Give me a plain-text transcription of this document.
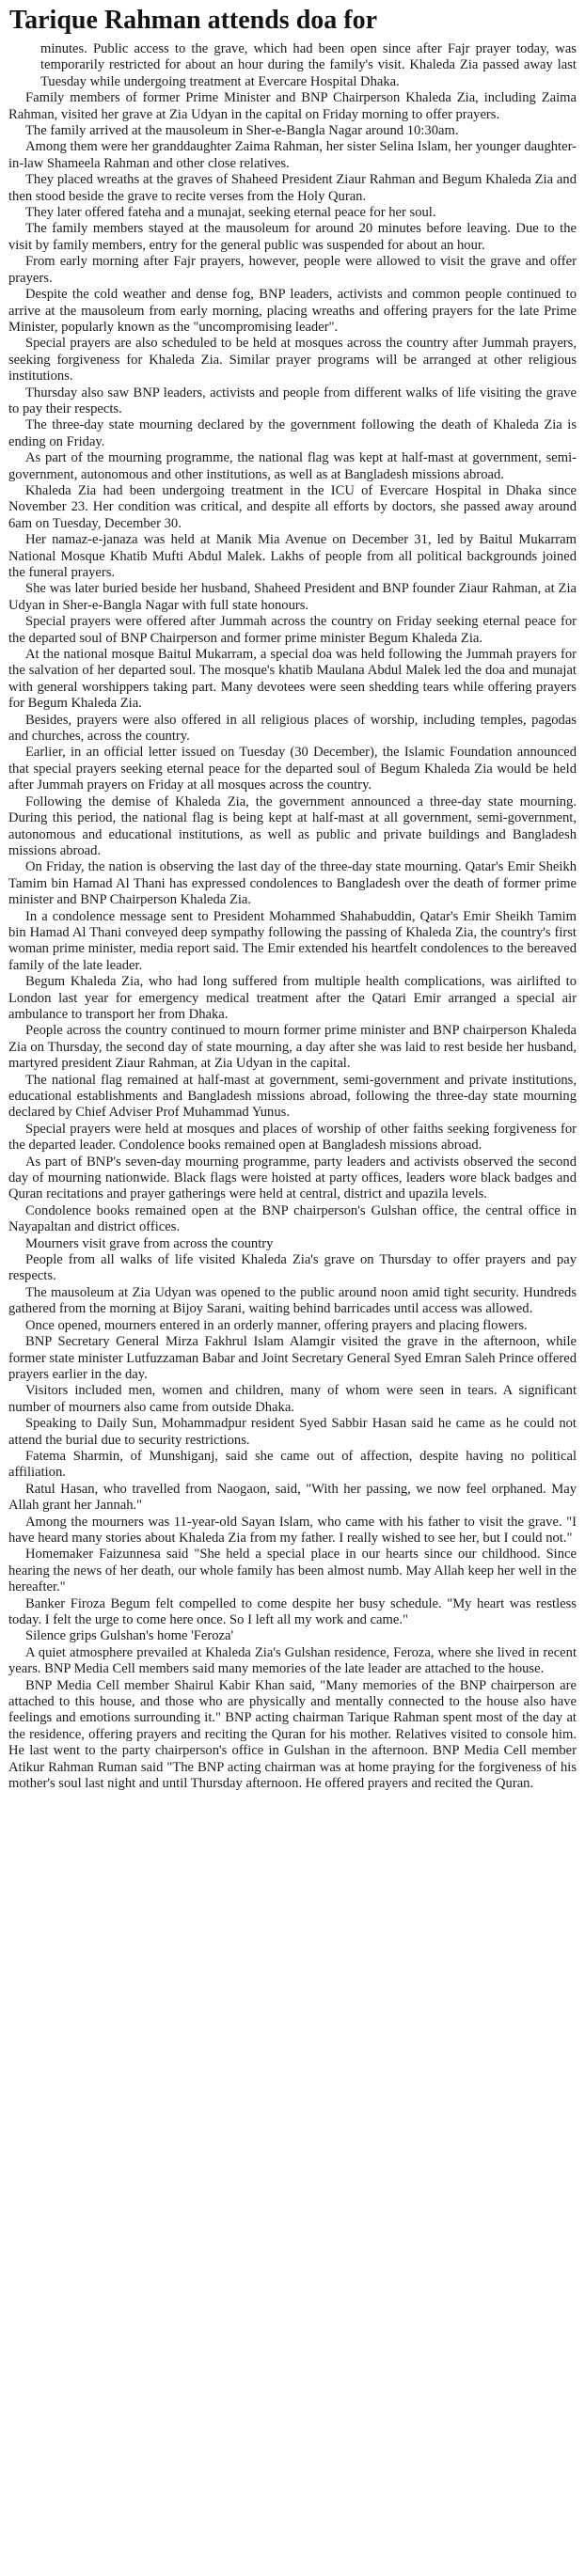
Tarique Rahman attends doa for

minutes. Public access to the grave, which had been open since after Fajr prayer today, was temporarily restricted for about an hour during the family's visit. Khaleda Zia passed away last Tuesday while undergoing treatment at Evercare Hospital Dhaka.

Family members of former Prime Minister and BNP Chairperson Khaleda Zia, including Zaima Rahman, visited her grave at Zia Udyan in the capital on Friday morning to offer prayers.

The family arrived at the mausoleum in Sher-e-Bangla Nagar around 10:30am.

Among them were her granddaughter Zaima Rahman, her sister Selina Islam, her younger daughter-in-law Shameela Rahman and other close relatives.

They placed wreaths at the graves of Shaheed President Ziaur Rahman and Begum Khaleda Zia and then stood beside the grave to recite verses from the Holy Quran.

They later offered fateha and a munajat, seeking eternal peace for her soul.

The family members stayed at the mausoleum for around 20 minutes before leaving. Due to the visit by family members, entry for the general public was suspended for about an hour.

From early morning after Fajr prayers, however, people were allowed to visit the grave and offer prayers.

Despite the cold weather and dense fog, BNP leaders, activists and common people continued to arrive at the mausoleum from early morning, placing wreaths and offering prayers for the late Prime Minister, popularly known as the "uncompromising leader".

Special prayers are also scheduled to be held at mosques across the country after Jummah prayers, seeking forgiveness for Khaleda Zia. Similar prayer programs will be arranged at other religious institutions.

Thursday also saw BNP leaders, activists and people from different walks of life visiting the grave to pay their respects.

The three-day state mourning declared by the government following the death of Khaleda Zia is ending on Friday.

As part of the mourning programme, the national flag was kept at half-mast at government, semi-government, autonomous and other institutions, as well as at Bangladesh missions abroad.

Khaleda Zia had been undergoing treatment in the ICU of Evercare Hospital in Dhaka since November 23. Her condition was critical, and despite all efforts by doctors, she passed away around 6am on Tuesday, December 30.

Her namaz-e-janaza was held at Manik Mia Avenue on December 31, led by Baitul Mukarram National Mosque Khatib Mufti Abdul Malek. Lakhs of people from all political backgrounds joined the funeral prayers.

She was later buried beside her husband, Shaheed President and BNP founder Ziaur Rahman, at Zia Udyan in Sher-e-Bangla Nagar with full state honours.

Special prayers were offered after Jummah across the country on Friday seeking eternal peace for the departed soul of BNP Chairperson and former prime minister Begum Khaleda Zia.

At the national mosque Baitul Mukarram, a special doa was held following the Jummah prayers for the salvation of her departed soul. The mosque's khatib Maulana Abdul Malek led the doa and munajat with general worshippers taking part. Many devotees were seen shedding tears while offering prayers for Begum Khaleda Zia.

Besides, prayers were also offered in all religious places of worship, including temples, pagodas and churches, across the country.

Earlier, in an official letter issued on Tuesday (30 December), the Islamic Foundation announced that special prayers seeking eternal peace for the departed soul of Begum Khaleda Zia would be held after Jummah prayers on Friday at all mosques across the country.

Following the demise of Khaleda Zia, the government announced a three-day state mourning. During this period, the national flag is being kept at half-mast at all government, semi-government, autonomous and educational institutions, as well as public and private buildings and Bangladesh missions abroad.

On Friday, the nation is observing the last day of the three-day state mourning. Qatar's Emir Sheikh Tamim bin Hamad Al Thani has expressed condolences to Bangladesh over the death of former prime minister and BNP Chairperson Khaleda Zia.

In a condolence message sent to President Mohammed Shahabuddin, Qatar's Emir Sheikh Tamim bin Hamad Al Thani conveyed deep sympathy following the passing of Khaleda Zia, the country's first woman prime minister, media report said. The Emir extended his heartfelt condolences to the bereaved family of the late leader.

Begum Khaleda Zia, who had long suffered from multiple health complications, was airlifted to London last year for emergency medical treatment after the Qatari Emir arranged a special air ambulance to transport her from Dhaka.

People across the country continued to mourn former prime minister and BNP chairperson Khaleda Zia on Thursday, the second day of state mourning, a day after she was laid to rest beside her husband, martyred president Ziaur Rahman, at Zia Udyan in the capital.

The national flag remained at half-mast at government, semi-government and private institutions, educational establishments and Bangladesh missions abroad, following the three-day state mourning declared by Chief Adviser Prof Muhammad Yunus.

Special prayers were held at mosques and places of worship of other faiths seeking forgiveness for the departed leader. Condolence books remained open at Bangladesh missions abroad.

As part of BNP's seven-day mourning programme, party leaders and activists observed the second day of mourning nationwide. Black flags were hoisted at party offices, leaders wore black badges and Quran recitations and prayer gatherings were held at central, district and upazila levels.

Condolence books remained open at the BNP chairperson's Gulshan office, the central office in Nayapaltan and district offices.

Mourners visit grave from across the country

People from all walks of life visited Khaleda Zia's grave on Thursday to offer prayers and pay respects.

The mausoleum at Zia Udyan was opened to the public around noon amid tight security. Hundreds gathered from the morning at Bijoy Sarani, waiting behind barricades until access was allowed.

Once opened, mourners entered in an orderly manner, offering prayers and placing flowers.

BNP Secretary General Mirza Fakhrul Islam Alamgir visited the grave in the afternoon, while former state minister Lutfuzzaman Babar and Joint Secretary General Syed Emran Saleh Prince offered prayers earlier in the day.

Visitors included men, women and children, many of whom were seen in tears. A significant number of mourners also came from outside Dhaka.

Speaking to Daily Sun, Mohammadpur resident Syed Sabbir Hasan said he came as he could not attend the burial due to security restrictions.

Fatema Sharmin, of Munshiganj, said she came out of affection, despite having no political affiliation.

Ratul Hasan, who travelled from Naogaon, said, "With her passing, we now feel orphaned. May Allah grant her Jannah."

Among the mourners was 11-year-old Sayan Islam, who came with his father to visit the grave. "I have heard many stories about Khaleda Zia from my father. I really wished to see her, but I could not."

Homemaker Faizunnesa said "She held a special place in our hearts since our childhood. Since hearing the news of her death, our whole family has been almost numb. May Allah keep her well in the hereafter."

Banker Firoza Begum felt compelled to come despite her busy schedule. "My heart was restless today. I felt the urge to come here once. So I left all my work and came."

Silence grips Gulshan's home 'Feroza'

A quiet atmosphere prevailed at Khaleda Zia's Gulshan residence, Feroza, where she lived in recent years. BNP Media Cell members said many memories of the late leader are attached to the house.

BNP Media Cell member Shairul Kabir Khan said, "Many memories of the BNP chairperson are attached to this house, and those who are physically and mentally connected to the house also have feelings and emotions surrounding it." BNP acting chairman Tarique Rahman spent most of the day at the residence, offering prayers and reciting the Quran for his mother. Relatives visited to console him. He last went to the party chairperson's office in Gulshan in the afternoon. BNP Media Cell member Atikur Rahman Ruman said "The BNP acting chairman was at home praying for the forgiveness of his mother's soul last night and until Thursday afternoon. He offered prayers and recited the Quran.
